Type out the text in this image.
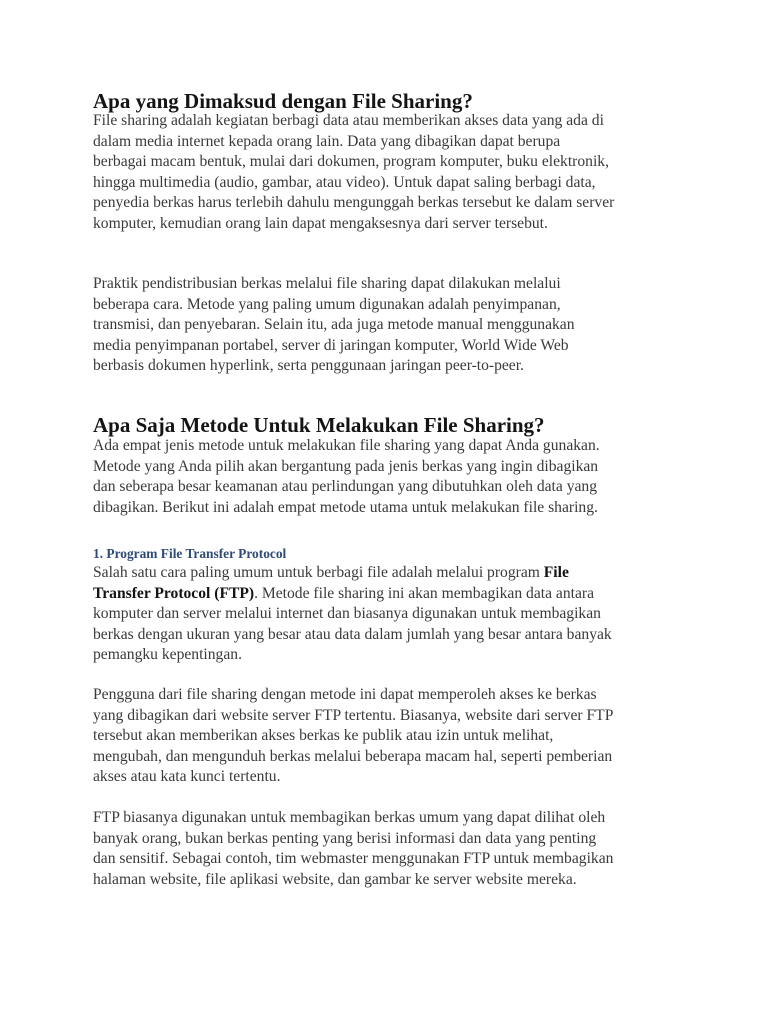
Apa yang Dimaksud dengan File Sharing?
File sharing adalah kegiatan berbagi data atau memberikan akses data yang ada di
dalam media internet kepada orang lain. Data yang dibagikan dapat berupa
berbagai macam bentuk, mulai dari dokumen, program komputer, buku elektronik,
hingga multimedia (audio, gambar, atau video). Untuk dapat saling berbagi data,
penyedia berkas harus terlebih dahulu mengunggah berkas tersebut ke dalam server
komputer, kemudian orang lain dapat mengaksesnya dari server tersebut.
Praktik pendistribusian berkas melalui file sharing dapat dilakukan melalui
beberapa cara. Metode yang paling umum digunakan adalah penyimpanan,
transmisi, dan penyebaran. Selain itu, ada juga metode manual menggunakan
media penyimpanan portabel, server di jaringan komputer, World Wide Web
berbasis dokumen hyperlink, serta penggunaan jaringan peer-to-peer.
Apa Saja Metode Untuk Melakukan File Sharing?
Ada empat jenis metode untuk melakukan file sharing yang dapat Anda gunakan.
Metode yang Anda pilih akan bergantung pada jenis berkas yang ingin dibagikan
dan seberapa besar keamanan atau perlindungan yang dibutuhkan oleh data yang
dibagikan. Berikut ini adalah empat metode utama untuk melakukan file sharing.
1. Program File Transfer Protocol
Salah satu cara paling umum untuk berbagi file adalah melalui program File
Transfer Protocol (FTP). Metode file sharing ini akan membagikan data antara
komputer dan server melalui internet dan biasanya digunakan untuk membagikan
berkas dengan ukuran yang besar atau data dalam jumlah yang besar antara banyak
pemangku kepentingan.
Pengguna dari file sharing dengan metode ini dapat memperoleh akses ke berkas
yang dibagikan dari website server FTP tertentu. Biasanya, website dari server FTP
tersebut akan memberikan akses berkas ke publik atau izin untuk melihat,
mengubah, dan mengunduh berkas melalui beberapa macam hal, seperti pemberian
akses atau kata kunci tertentu.
FTP biasanya digunakan untuk membagikan berkas umum yang dapat dilihat oleh
banyak orang, bukan berkas penting yang berisi informasi dan data yang penting
dan sensitif. Sebagai contoh, tim webmaster menggunakan FTP untuk membagikan
halaman website, file aplikasi website, dan gambar ke server website mereka.
